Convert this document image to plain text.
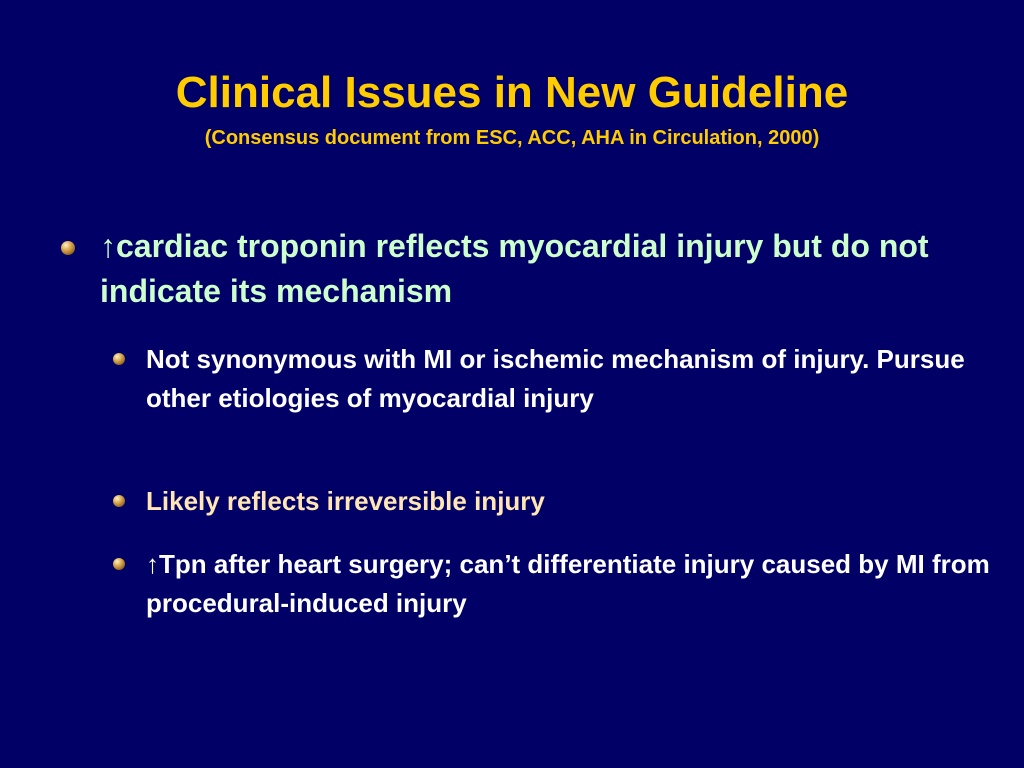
Clinical Issues in New Guideline
(Consensus document from ESC, ACC, AHA in Circulation, 2000)
↑cardiac troponin reflects myocardial injury but do not indicate its mechanism
Not synonymous with MI or ischemic mechanism of injury. Pursue other etiologies of myocardial injury
Likely reflects irreversible injury
↑Tpn after heart surgery; can’t differentiate injury caused by MI from procedural-induced injury
